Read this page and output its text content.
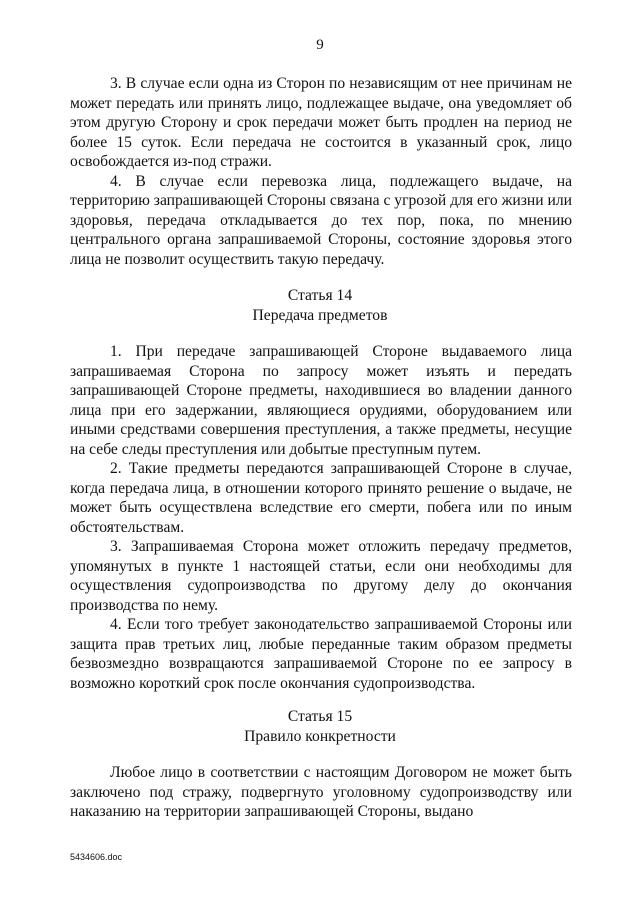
9

3. В случае если одна из Сторон по независящим от нее причинам не может передать или принять лицо, подлежащее выдаче, она уведомляет об этом другую Сторону и срок передачи может быть продлен на период не более 15 суток. Если передача не состоится в указанный срок, лицо освобождается из-под стражи.

4. В случае если перевозка лица, подлежащего выдаче, на территорию запрашивающей Стороны связана с угрозой для его жизни или здоровья, передача откладывается до тех пор, пока, по мнению центрального органа запрашиваемой Стороны, состояние здоровья этого лица не позволит осуществить такую передачу.

Статья 14
Передача предметов

1. При передаче запрашивающей Стороне выдаваемого лица запрашиваемая Сторона по запросу может изъять и передать запрашивающей Стороне предметы, находившиеся во владении данного лица при его задержании, являющиеся орудиями, оборудованием или иными средствами совершения преступления, а также предметы, несущие на себе следы преступления или добытые преступным путем.

2. Такие предметы передаются запрашивающей Стороне в случае, когда передача лица, в отношении которого принято решение о выдаче, не может быть осуществлена вследствие его смерти, побега или по иным обстоятельствам.

3. Запрашиваемая Сторона может отложить передачу предметов, упомянутых в пункте 1 настоящей статьи, если они необходимы для осуществления судопроизводства по другому делу до окончания производства по нему.

4. Если того требует законодательство запрашиваемой Стороны или защита прав третьих лиц, любые переданные таким образом предметы безвозмездно возвращаются запрашиваемой Стороне по ее запросу в возможно короткий срок после окончания судопроизводства.

Статья 15
Правило конкретности

Любое лицо в соответствии с настоящим Договором не может быть заключено под стражу, подвергнуто уголовному судопроизводству или наказанию на территории запрашивающей Стороны, выдано

5434606.doc
